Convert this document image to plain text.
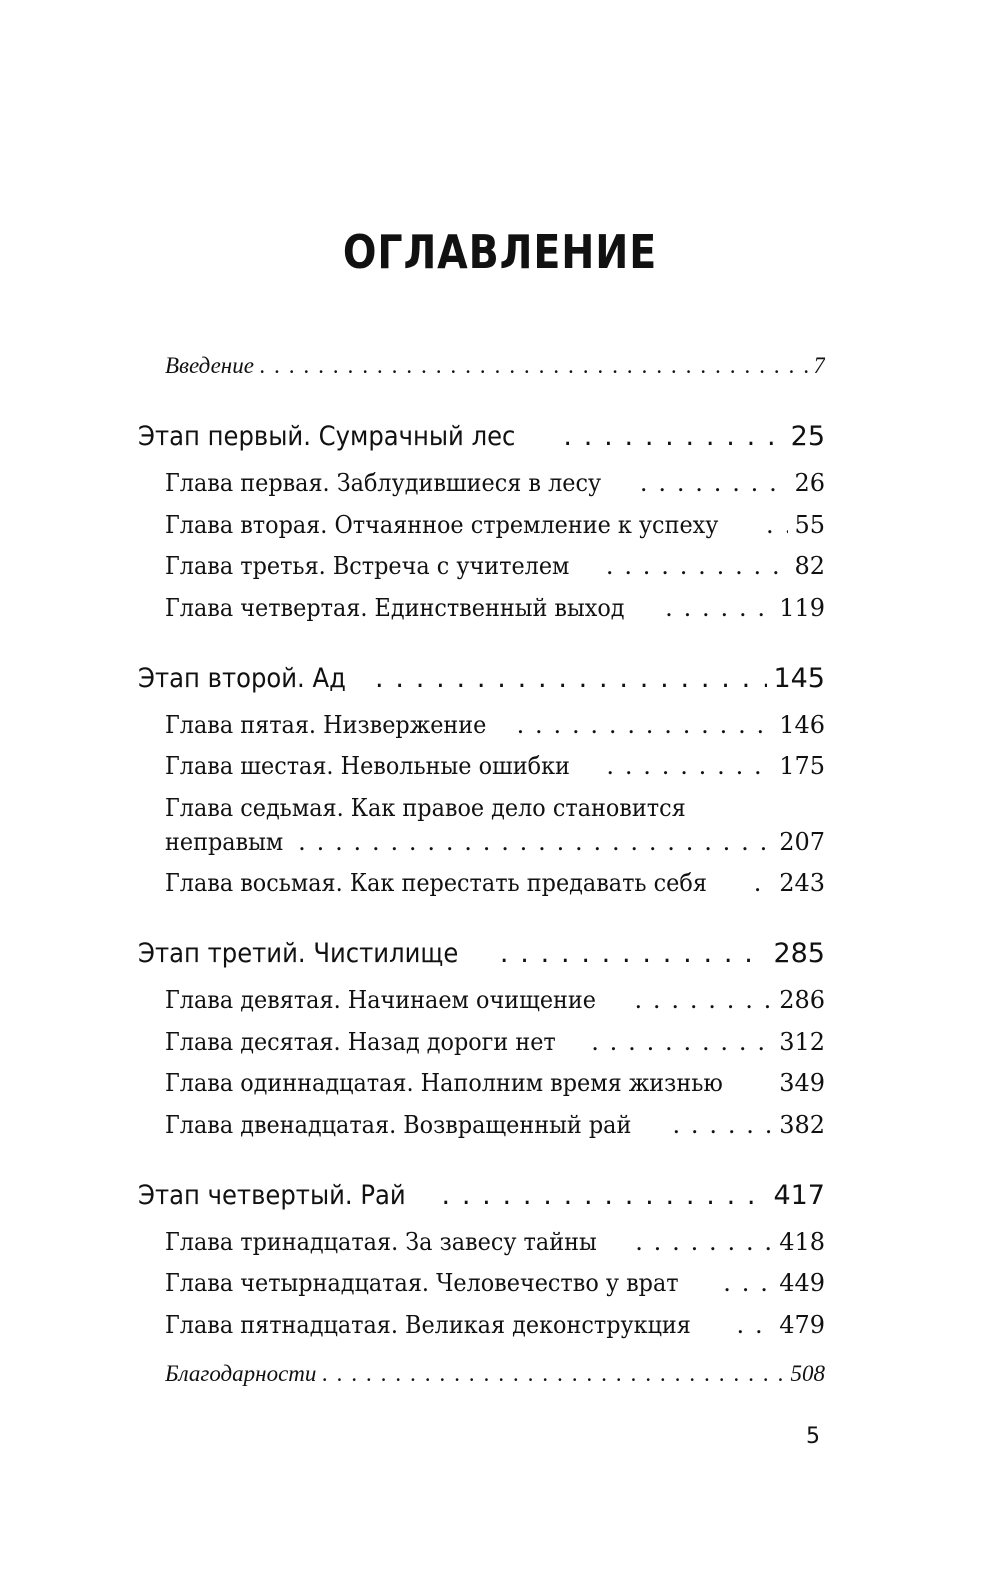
ОГЛАВЛЕНИЕ
Введение . . .	7
Этап первый. Сумрачный лес . . .	25
Глава первая. Заблудившиеся в лесу . . .	26
Глава вторая. Отчаянное стремление к успеху . . .	55
Глава третья. Встреча с учителем . . .	82
Глава четвертая. Единственный выход . . .	119
Этап второй. Ад . . .	145
Глава пятая. Низвержение . . .	146
Глава шестая. Невольные ошибки . . .	175
Глава седьмая. Как правое дело становится
неправым . . .	207
Глава восьмая. Как перестать предавать себя . . .	243
Этап третий. Чистилище . . .	285
Глава девятая. Начинаем очищение . . .	286
Глава десятая. Назад дороги нет . . .	312
Глава одиннадцатая. Наполним время жизнью . . . 349
Глава двенадцатая. Возвращенный рай . . .	382
Этап четвертый. Рай . . .	417
Глава тринадцатая. За завесу тайны . . .	418
Глава четырнадцатая. Человечество у врат . . .	449
Глава пятнадцатая. Великая деконструкция . . .	479
Благодарности . . .	508
5
